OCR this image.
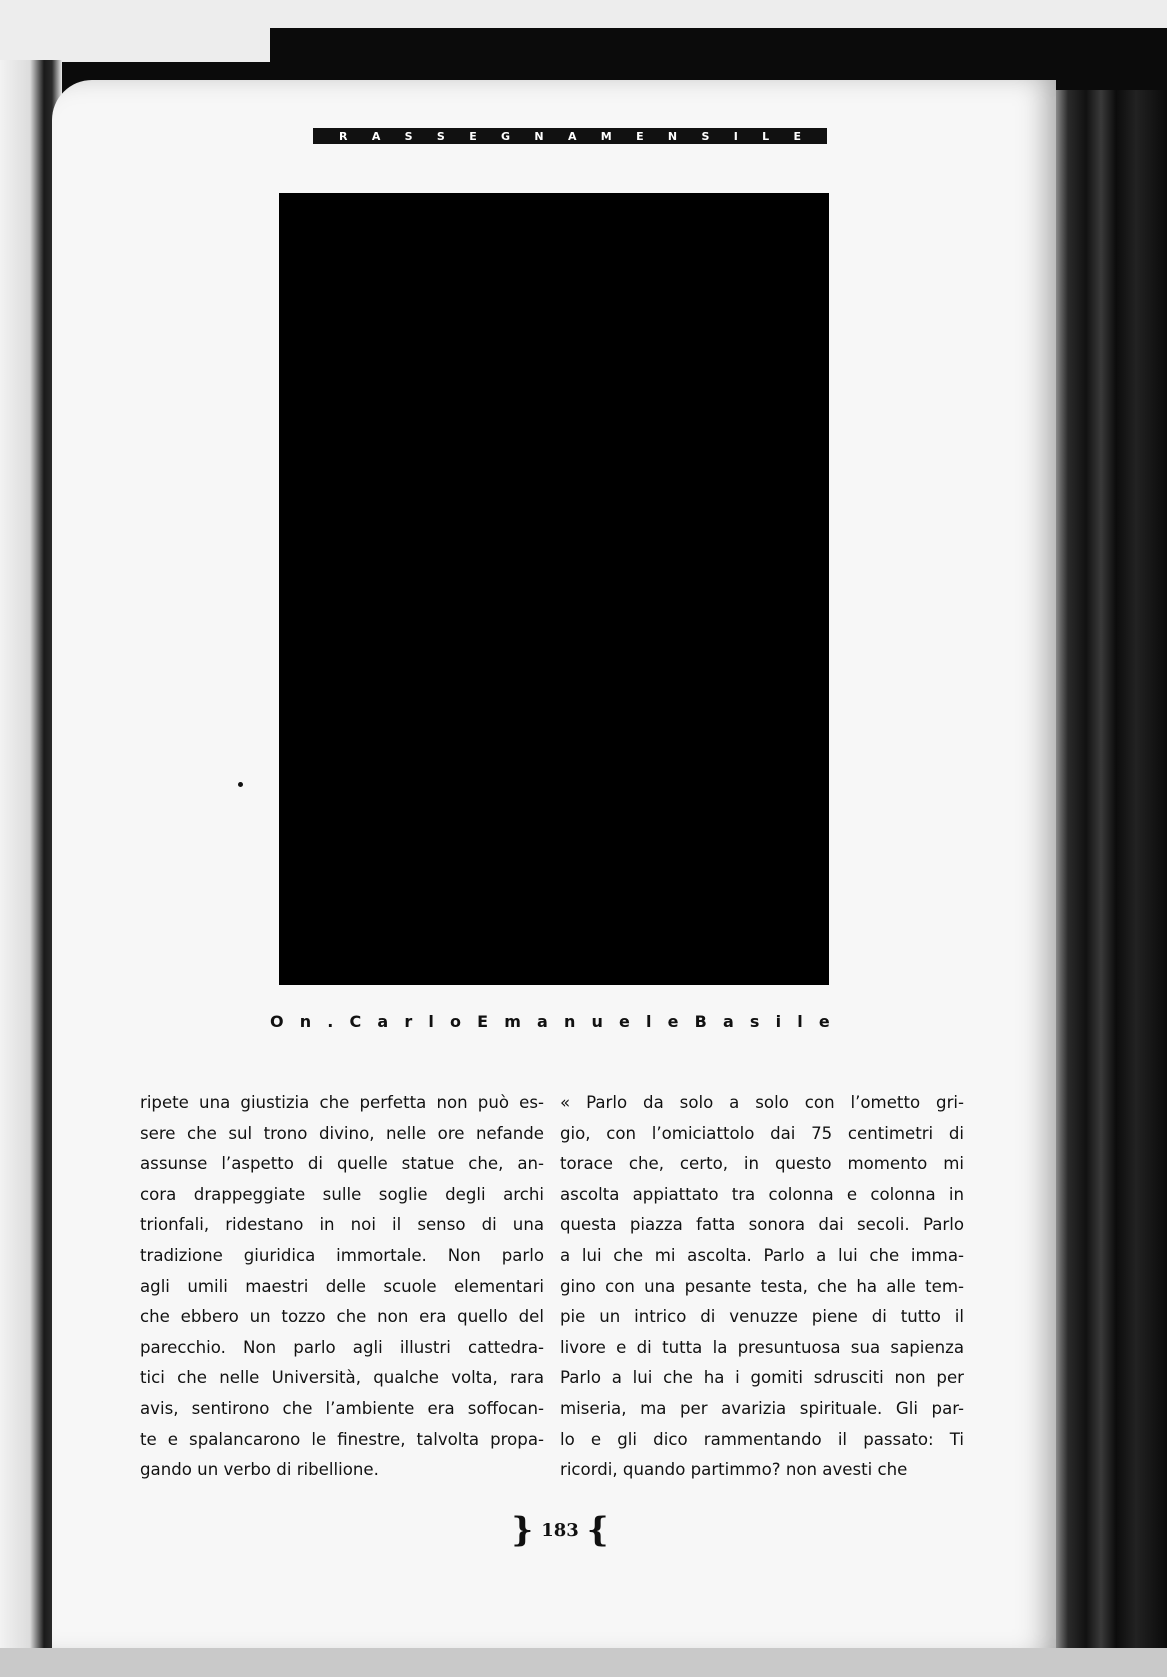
R A S S E G N A M E N S I L E
O n . C a r l o E m a n u e l e B a s i l e
ripete una giustizia che perfetta non può es-
sere che sul trono divino, nelle ore nefande
assunse l’aspetto di quelle statue che, an-
cora drappeggiate sulle soglie degli archi
trionfali, ridestano in noi il senso di una
tradizione giuridica immortale. Non parlo
agli umili maestri delle scuole elementari
che ebbero un tozzo che non era quello del
parecchio. Non parlo agli illustri cattedra-
tici che nelle Università, qualche volta, rara
avis, sentirono che l’ambiente era soffocan-
te e spalancarono le finestre, talvolta propa-
gando un verbo di ribellione.
« Parlo da solo a solo con l’ometto gri-
gio, con l’omiciattolo dai 75 centimetri di
torace che, certo, in questo momento mi
ascolta appiattato tra colonna e colonna in
questa piazza fatta sonora dai secoli. Parlo
a lui che mi ascolta. Parlo a lui che imma-
gino con una pesante testa, che ha alle tem-
pie un intrico di venuzze piene di tutto il
livore e di tutta la presuntuosa sua sapienza
Parlo a lui che ha i gomiti sdrusciti non per
miseria, ma per avarizia spirituale. Gli par-
lo e gli dico rammentando il passato: Ti
ricordi, quando partimmo? non avesti che
} 183 {
